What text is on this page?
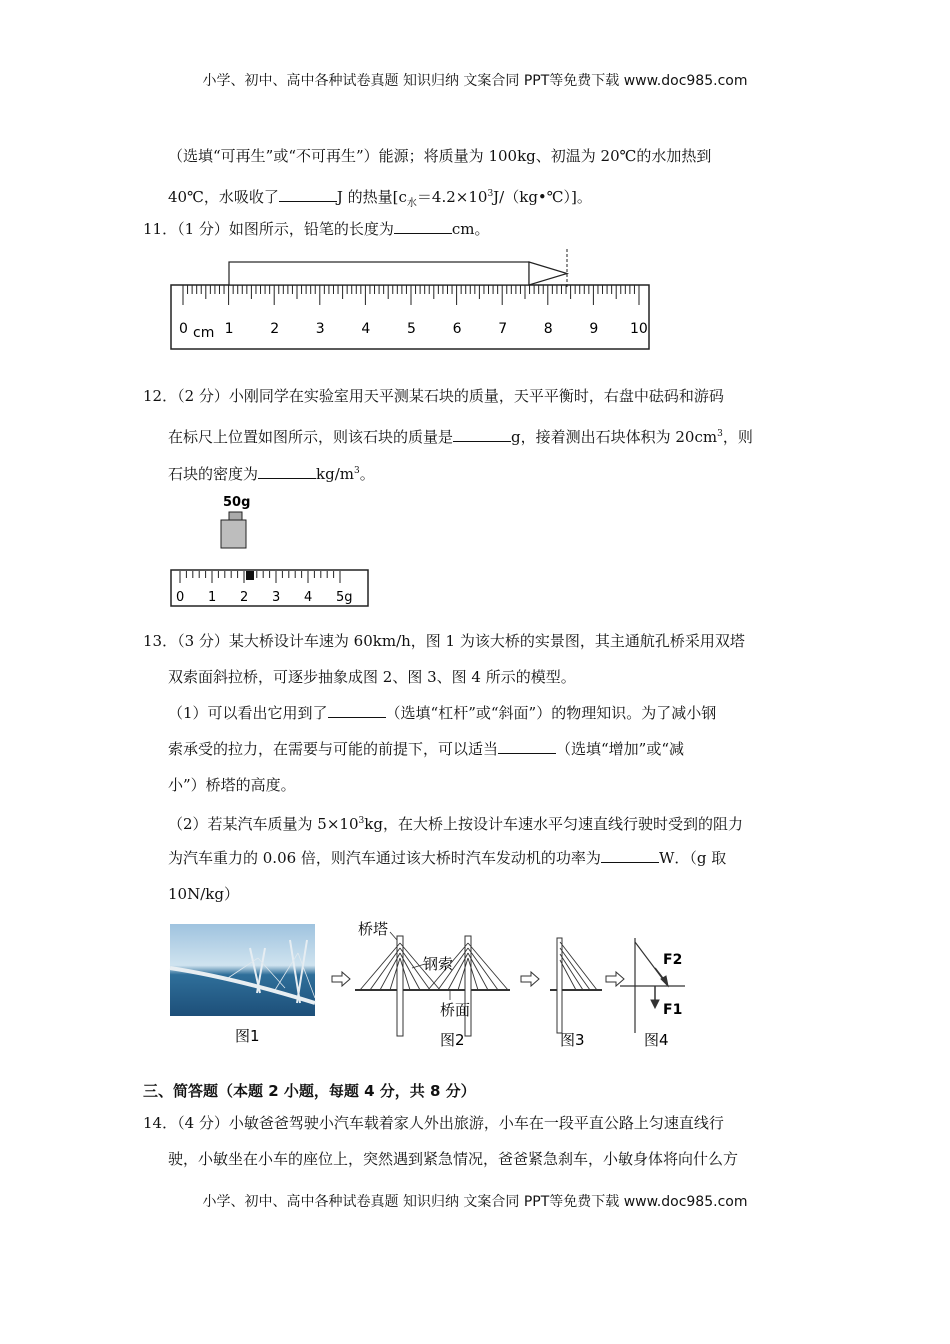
小学、初中、高中各种试卷真题 知识归纳 文案合同 PPT等免费下载 www.doc985.com
（选填“可再生”或“不可再生”）能源；将质量为 100kg、初温为 20℃的水加热到
40℃，水吸收了	J 的热量$[c_水=4.2\times 10^3J/(kg•℃)]$。
11．（1 分）如图所示，铅笔的长度为	cm。
0	1	2	3	4	5	6	7	8	9 10
cm
12．（2 分）小刚同学在实验室用天平测某石块的质量，天平平衡时，右盘中砝码和游码
在标尺上位置如图所示，则该石块的质量是	g，接着测出石块体积为 $20cm^3$，则
石块的密度为	$kg/m^3$。
50g
0 1 2 3 4 5g
13．（3 分）某大桥设计车速为 60km/h，图 1 为该大桥的实景图，其主通航孔桥采用双塔
双索面斜拉桥，可逐步抽象成图 2、图 3、图 4 所示的模型。
（1）可以看出它用到了	（选填“杠杆”或“斜面”）的物理知识。为了减小钢
索承受的拉力，在需要与可能的前提下，可以适当	（选填“增加”或“减
小”）桥塔的高度。
（2）若某汽车质量为 $5\times 10^3kg$，在大桥上按设计车速水平匀速直线行驶时受到的阻力
为汽车重力的 0.06 倍，则汽车通过该大桥时汽车发动机的功率为	W．（g 取
10N/kg）
图1
桥塔
钢索
桥面
图2	图3
F2
F1
图4
三、简答题（本题 2 小题，每题 4 分，共 8 分）
14．（4 分）小敏爸爸驾驶小汽车载着家人外出旅游，小车在一段平直公路上匀速直线行
驶，小敏坐在小车的座位上，突然遇到紧急情况，爸爸紧急刹车，小敏身体将向什么方
小学、初中、高中各种试卷真题 知识归纳 文案合同 PPT等免费下载 www.doc985.com
